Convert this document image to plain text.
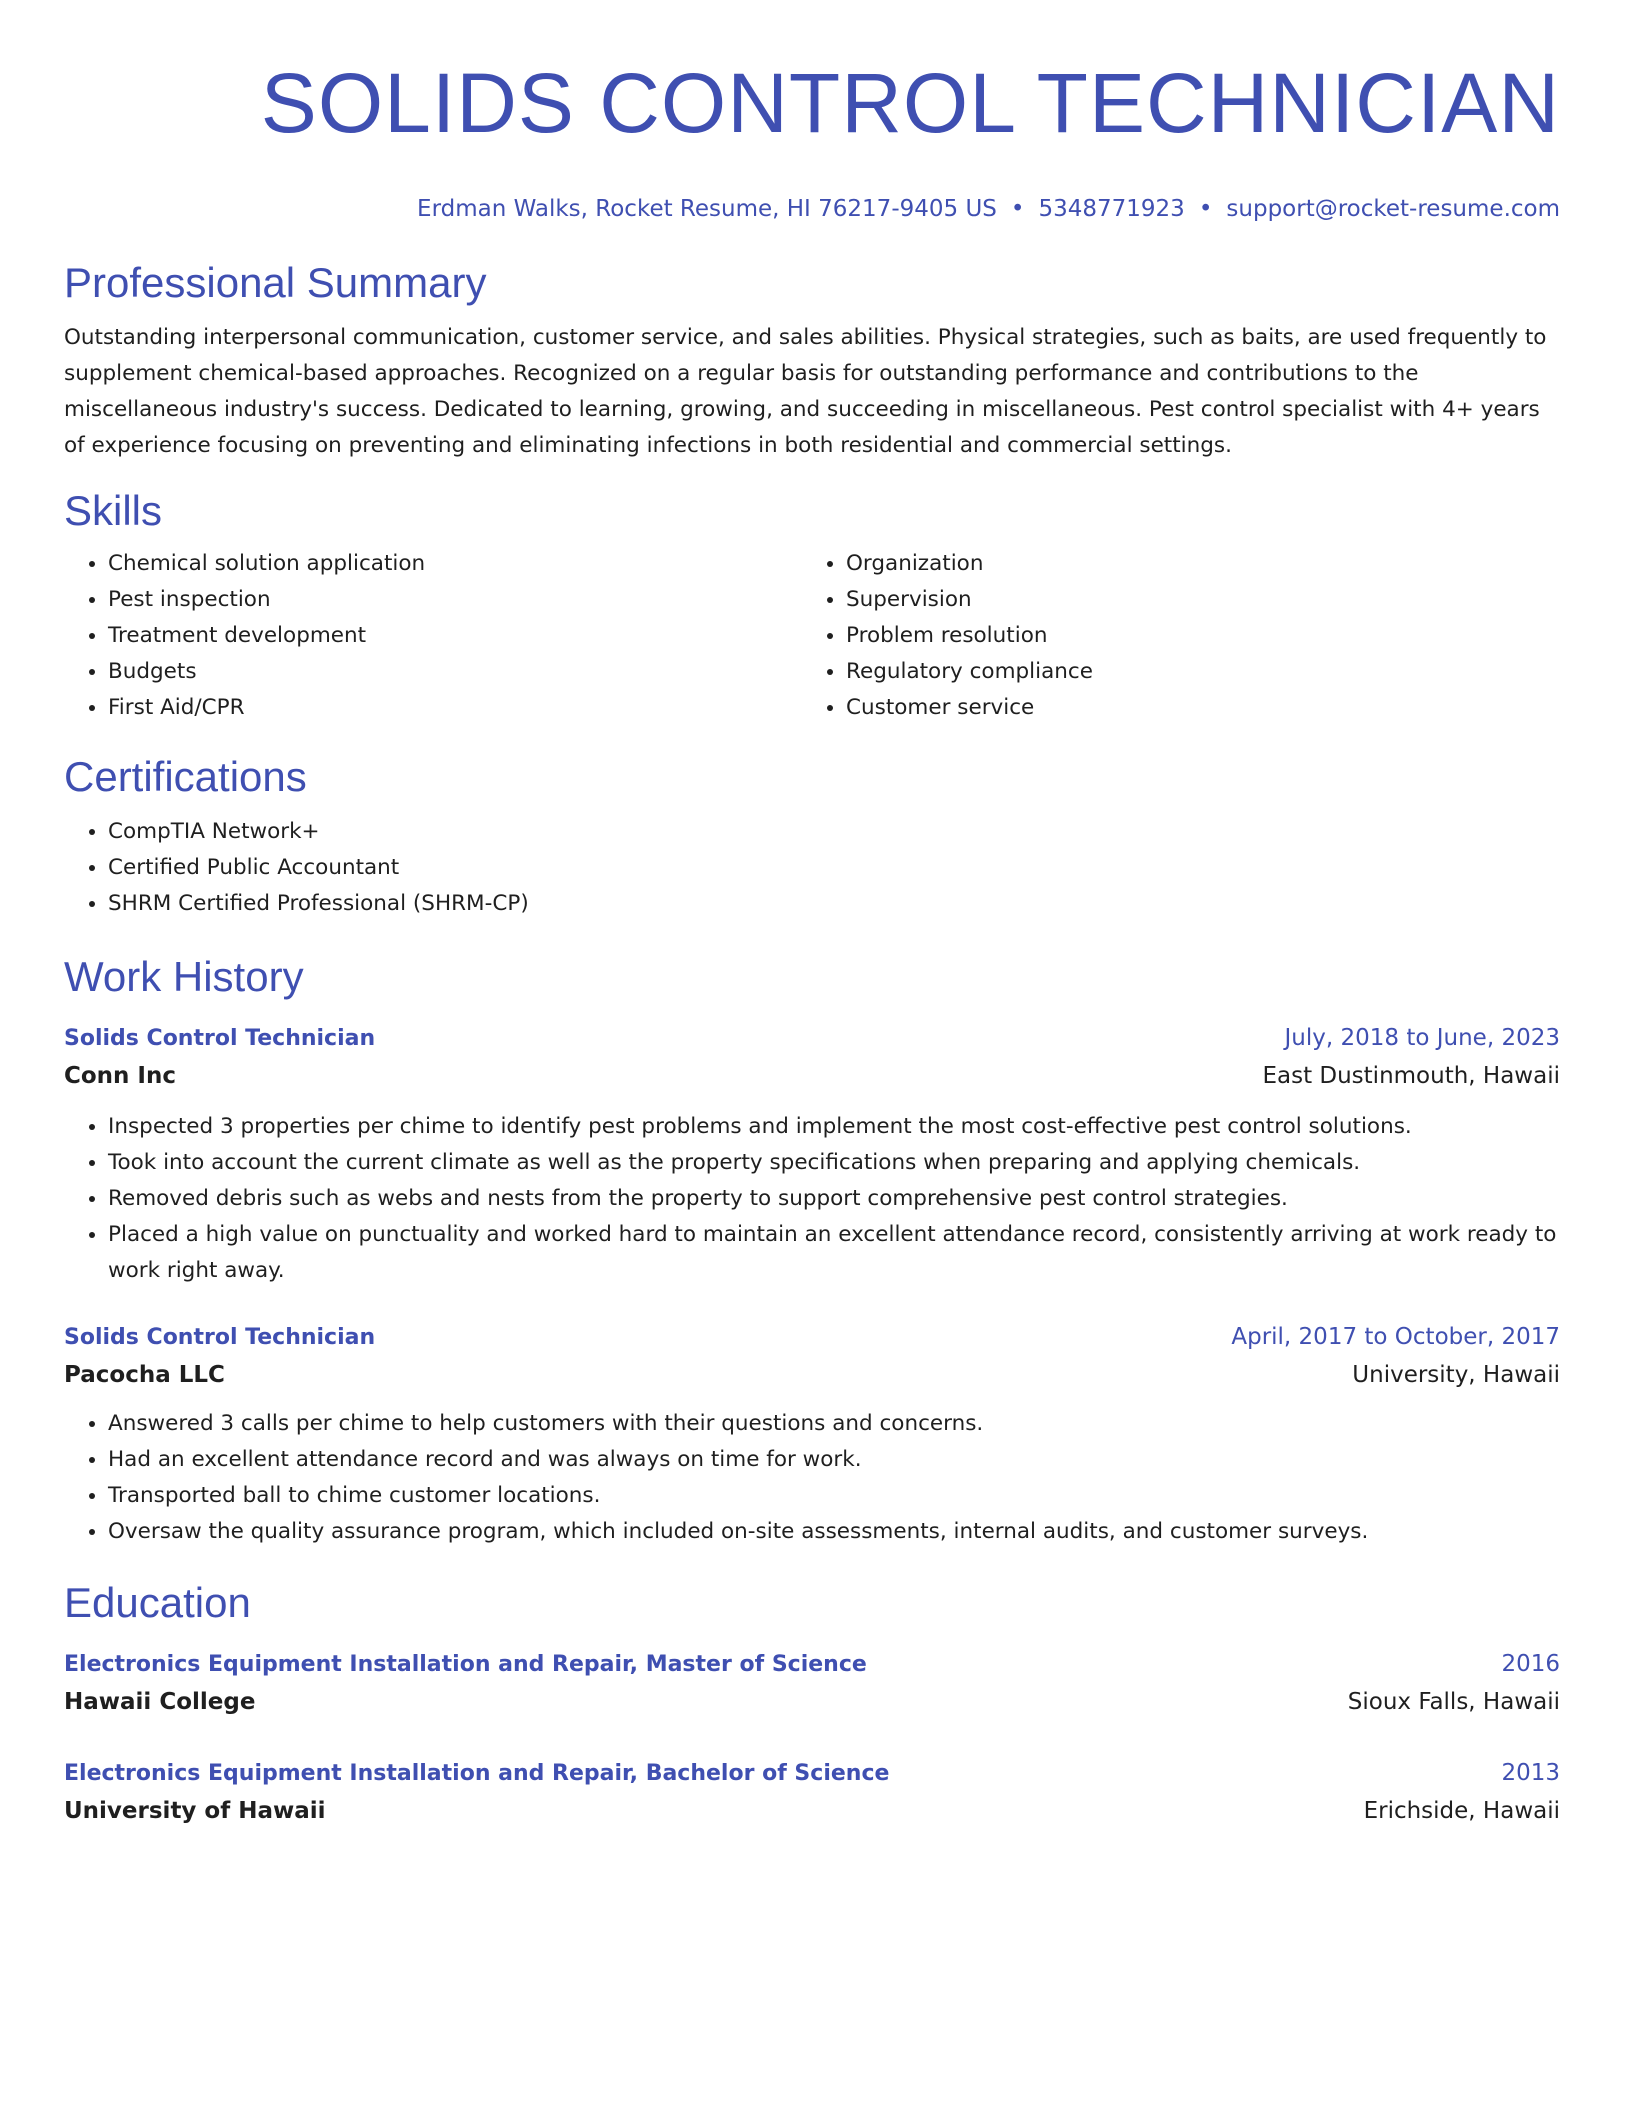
SOLIDS CONTROL TECHNICIAN
Erdman Walks, Rocket Resume, HI 76217-9405 US • 5348771923 • support@rocket-resume.com
Professional Summary

Outstanding interpersonal communication, customer service, and sales abilities. Physical strategies, such as baits, are used frequently to supplement chemical-based approaches. Recognized on a regular basis for outstanding performance and contributions to the miscellaneous industry's success. Dedicated to learning, growing, and succeeding in miscellaneous. Pest control specialist with 4+ years of experience focusing on preventing and eliminating infections in both residential and commercial settings.

Skills
• Chemical solution application
• Pest inspection
• Treatment development
• Budgets
• First Aid/CPR
• Organization
• Supervision
• Problem resolution
• Regulatory compliance
• Customer service
Certifications
• CompTIA Network+
• Certified Public Accountant
• SHRM Certified Professional (SHRM-CP)
Work History
Solids Control Technician	July, 2018 to June, 2023
Conn Inc	East Dustinmouth, Hawaii
• Inspected 3 properties per chime to identify pest problems and implement the most cost-effective pest control solutions.
• Took into account the current climate as well as the property specifications when preparing and applying chemicals.
• Removed debris such as webs and nests from the property to support comprehensive pest control strategies.
• Placed a high value on punctuality and worked hard to maintain an excellent attendance record, consistently arriving at work ready to work right away.
Solids Control Technician	April, 2017 to October, 2017
Pacocha LLC	University, Hawaii
• Answered 3 calls per chime to help customers with their questions and concerns.
• Had an excellent attendance record and was always on time for work.
• Transported ball to chime customer locations.
• Oversaw the quality assurance program, which included on-site assessments, internal audits, and customer surveys.
Education
Electronics Equipment Installation and Repair, Master of Science	2016
Hawaii College	Sioux Falls, Hawaii
Electronics Equipment Installation and Repair, Bachelor of Science	2013
University of Hawaii	Erichside, Hawaii
